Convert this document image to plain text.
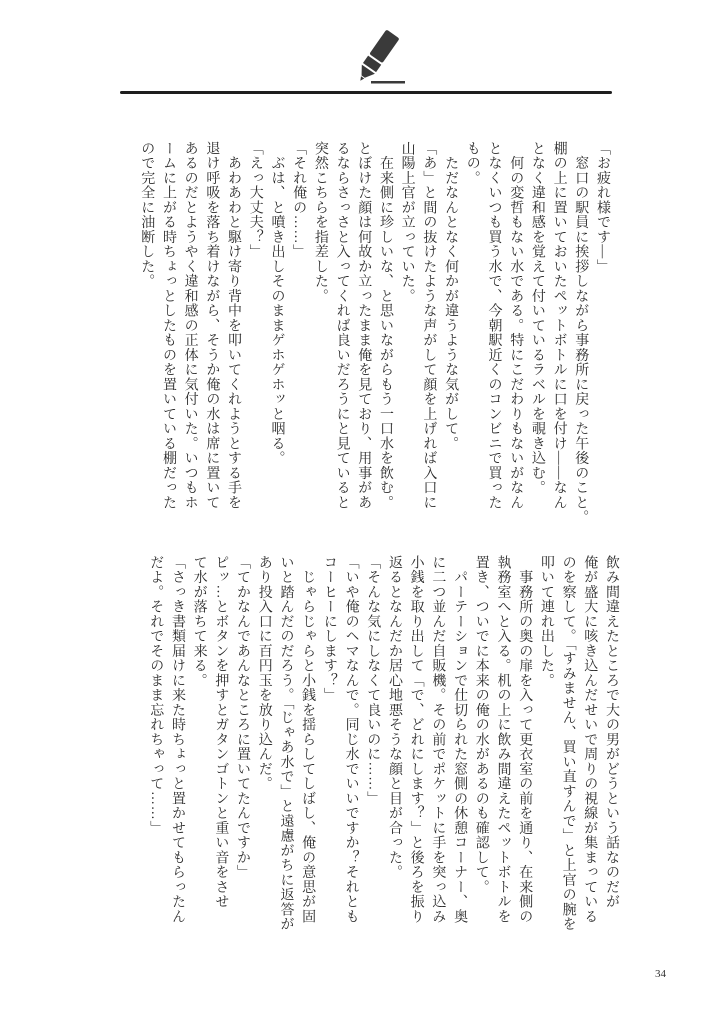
「お疲れ様です―」
　窓口の駅員に挨拶しながら事務所に戻った午後のこと。
棚の上に置いておいたペットボトルに口を付け――なん
となく違和感を覚えて付いているラベルを覗き込む。
　何の変哲もない水である。特にこだわりもないがなん
となくいつも買う水で、今朝駅近くのコンビニで買った
もの。
　ただなんとなく何かが違うような気がして。
「あ」と間の抜けたような声がして顔を上げれば入口に
山陽上官が立っていた。
　在来側に珍しいな、と思いながらもう一口水を飲む。
とぼけた顔は何故か立ったまま俺を見ており、用事があ
るならさっさと入ってくれば良いだろうにと見ていると
突然こちらを指差した。
「それ俺の……」
　ぶは、と噴き出しそのままゲホゲホッと咽る。
「えっ大丈夫？」
　あわあわと駆け寄り背中を叩いてくれようとする手を
退け呼吸を落ち着けながら、そうか俺の水は席に置いて
あるのだとようやく違和感の正体に気付いた。いつもホ
ームに上がる時ちょっとしたものを置いている棚だった
ので完全に油断した。
飲み間違えたところで大の男がどうという話なのだが
俺が盛大に咳き込んだせいで周りの視線が集まっている
のを察して。「すみません、買い直すんで」と上官の腕を
叩いて連れ出した。
　事務所の奥の扉を入って更衣室の前を通り、在来側の
執務室へと入る。机の上に飲み間違えたペットボトルを
置き、ついでに本来の俺の水があるのも確認して。
　パーテーションで仕切られた窓側の休憩コーナー、奥
に二つ並んだ自販機。その前でポケットに手を突っ込み
小銭を取り出して「で、どれにします？」と後ろを振り
返るとなんだか居心地悪そうな顔と目が合った。
「そんな気にしなくて良いのに……」
「いや俺のヘマなんで。同じ水でいいですか？それとも
コーヒーにします？」
　じゃらじゃらと小銭を揺らしてしばし、俺の意思が固
いと踏んだのだろう。「じゃあ水で」と遠慮がちに返答が
あり投入口に百円玉を放り込んだ。
「てかなんであんなところに置いてたんですか」
ピッ…とボタンを押すとガタンゴトンと重い音をさせ
て水が落ちて来る。
「さっき書類届けに来た時ちょっと置かせてもらったん
だよ。それでそのまま忘れちゃって……」
34
